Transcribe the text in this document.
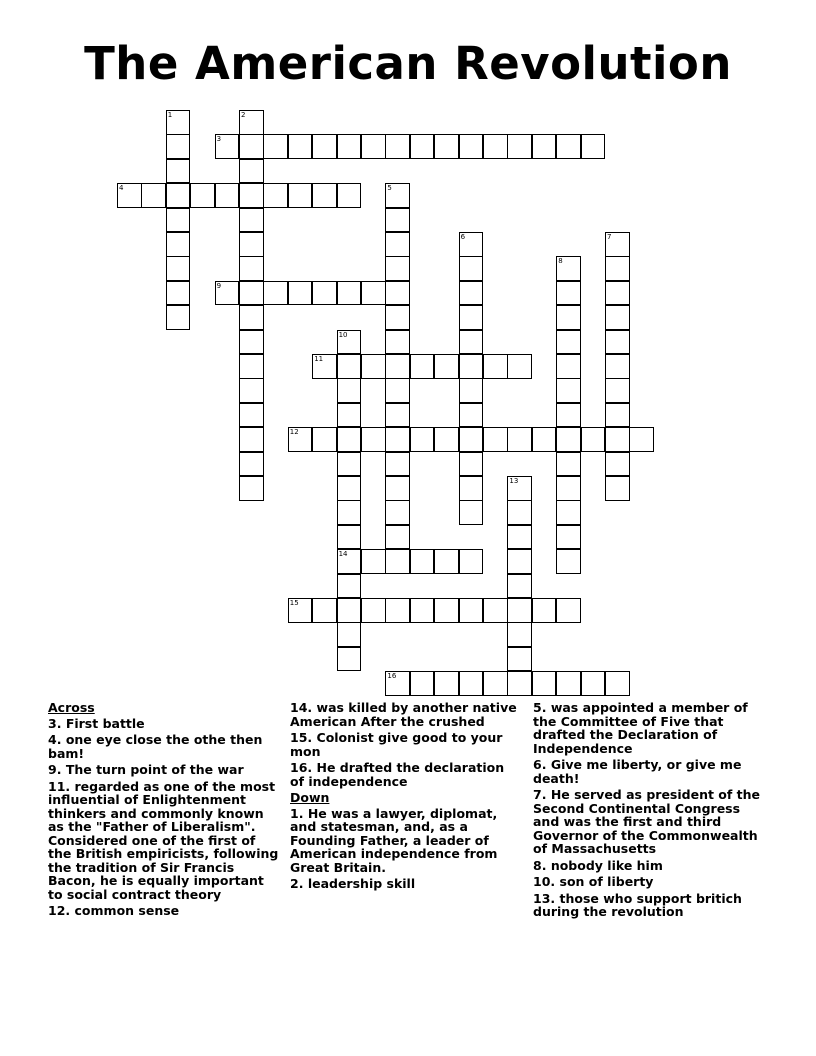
The American Revolution
1	2
3
4	5
6	7
8
9
10
14
11
12
13
15
16
Across
3. First battle
4. one eye close the othe then bam!
9. The turn point of the war
11. regarded as one of the most influential of Enlightenment thinkers and commonly known as the "Father of Liberalism". Considered one of the first of the British empiricists, following the tradition of Sir Francis Bacon, he is equally important to social contract theory
12. common sense
14. was killed by another native American After the crushed
15. Colonist give good to your mon
16. He drafted the declaration of independence
Down
1. He was a lawyer, diplomat, and statesman, and, as a Founding Father, a leader of American independence from Great Britain.
2. leadership skill
5. was appointed a member of the Committee of Five that drafted the Declaration of Independence
6. Give me liberty, or give me death!
7. He served as president of the Second Continental Congress and was the first and third Governor of the Commonwealth of Massachusetts
8. nobody like him
10. son of liberty
13. those who support britich during the revolution
